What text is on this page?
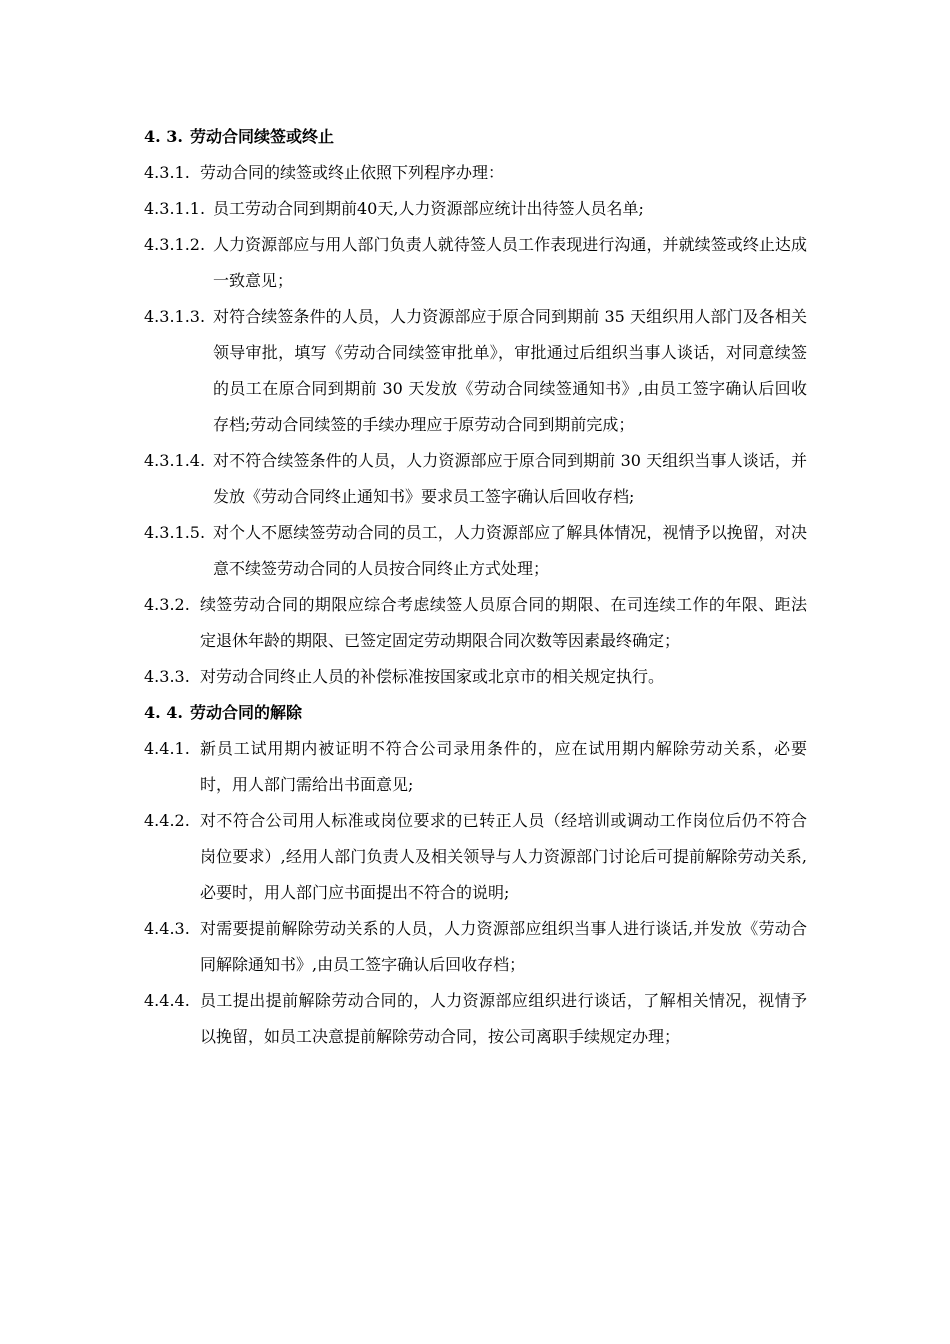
4. 3. 劳动合同续签或终止
4.3.1. 劳动合同的续签或终止依照下列程序办理：
4.3.1.1. 员工劳动合同到期前40天,人力资源部应统计出待签人员名单;
4.3.1.2. 人力资源部应与用人部门负责人就待签人员工作表现进行沟通，并就续签或终止达成一致意见；
4.3.1.3. 对符合续签条件的人员，人力资源部应于原合同到期前 35 天组织用人部门及各相关领导审批，填写《劳动合同续签审批单》，审批通过后组织当事人谈话，对同意续签的员工在原合同到期前 30 天发放《劳动合同续签通知书》,由员工签字确认后回收存档;劳动合同续签的手续办理应于原劳动合同到期前完成；
4.3.1.4. 对不符合续签条件的人员，人力资源部应于原合同到期前 30 天组织当事人谈话，并发放《劳动合同终止通知书》要求员工签字确认后回收存档;
4.3.1.5. 对个人不愿续签劳动合同的员工，人力资源部应了解具体情况，视情予以挽留，对决意不续签劳动合同的人员按合同终止方式处理；
4.3.2. 续签劳动合同的期限应综合考虑续签人员原合同的期限、在司连续工作的年限、距法定退休年龄的期限、已签定固定劳动期限合同次数等因素最终确定；
4.3.3. 对劳动合同终止人员的补偿标准按国家或北京市的相关规定执行。
4. 4. 劳动合同的解除
4.4.1. 新员工试用期内被证明不符合公司录用条件的，应在试用期内解除劳动关系，必要时，用人部门需给出书面意见;
4.4.2. 对不符合公司用人标准或岗位要求的已转正人员（经培训或调动工作岗位后仍不符合岗位要求）,经用人部门负责人及相关领导与人力资源部门讨论后可提前解除劳动关系,必要时，用人部门应书面提出不符合的说明;
4.4.3. 对需要提前解除劳动关系的人员，人力资源部应组织当事人进行谈话,并发放《劳动合同解除通知书》,由员工签字确认后回收存档；
4.4.4. 员工提出提前解除劳动合同的，人力资源部应组织进行谈话，了解相关情况，视情予以挽留，如员工决意提前解除劳动合同，按公司离职手续规定办理；
